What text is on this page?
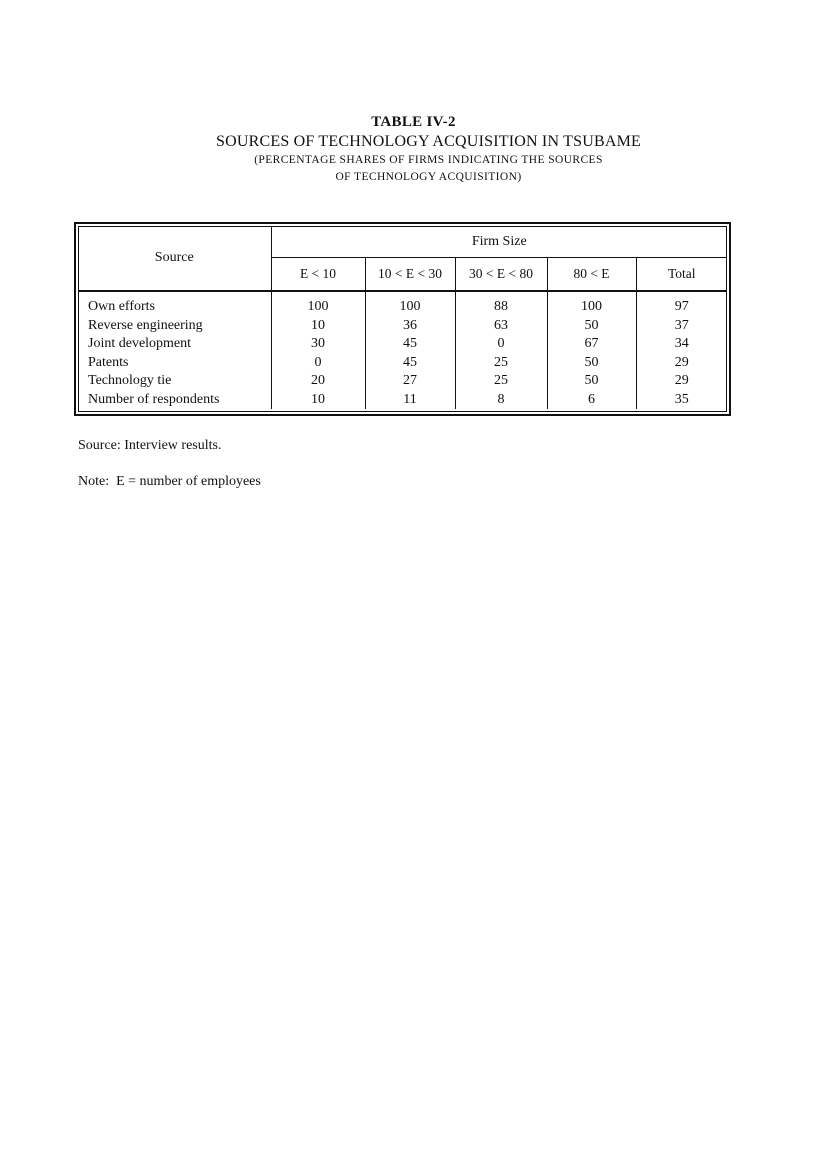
TABLE IV-2
SOURCES OF TECHNOLOGY ACQUISITION IN TSUBAME
(PERCENTAGE SHARES OF FIRMS INDICATING THE SOURCES
OF TECHNOLOGY ACQUISITION)
Source	Firm Size				
	E < 10	10 < E < 30	30 < E < 80	80 < E	Total
Own efforts	100	100	88	100	97
Reverse engineering	10	36	63	50	37
Joint development	30	45	0	67	34
Patents	0	45	25	50	29
Technology tie	20	27	25	50	29
Number of respondents	10	11	8	6	35
Source: Interview results.
Note:  E = number of employees
